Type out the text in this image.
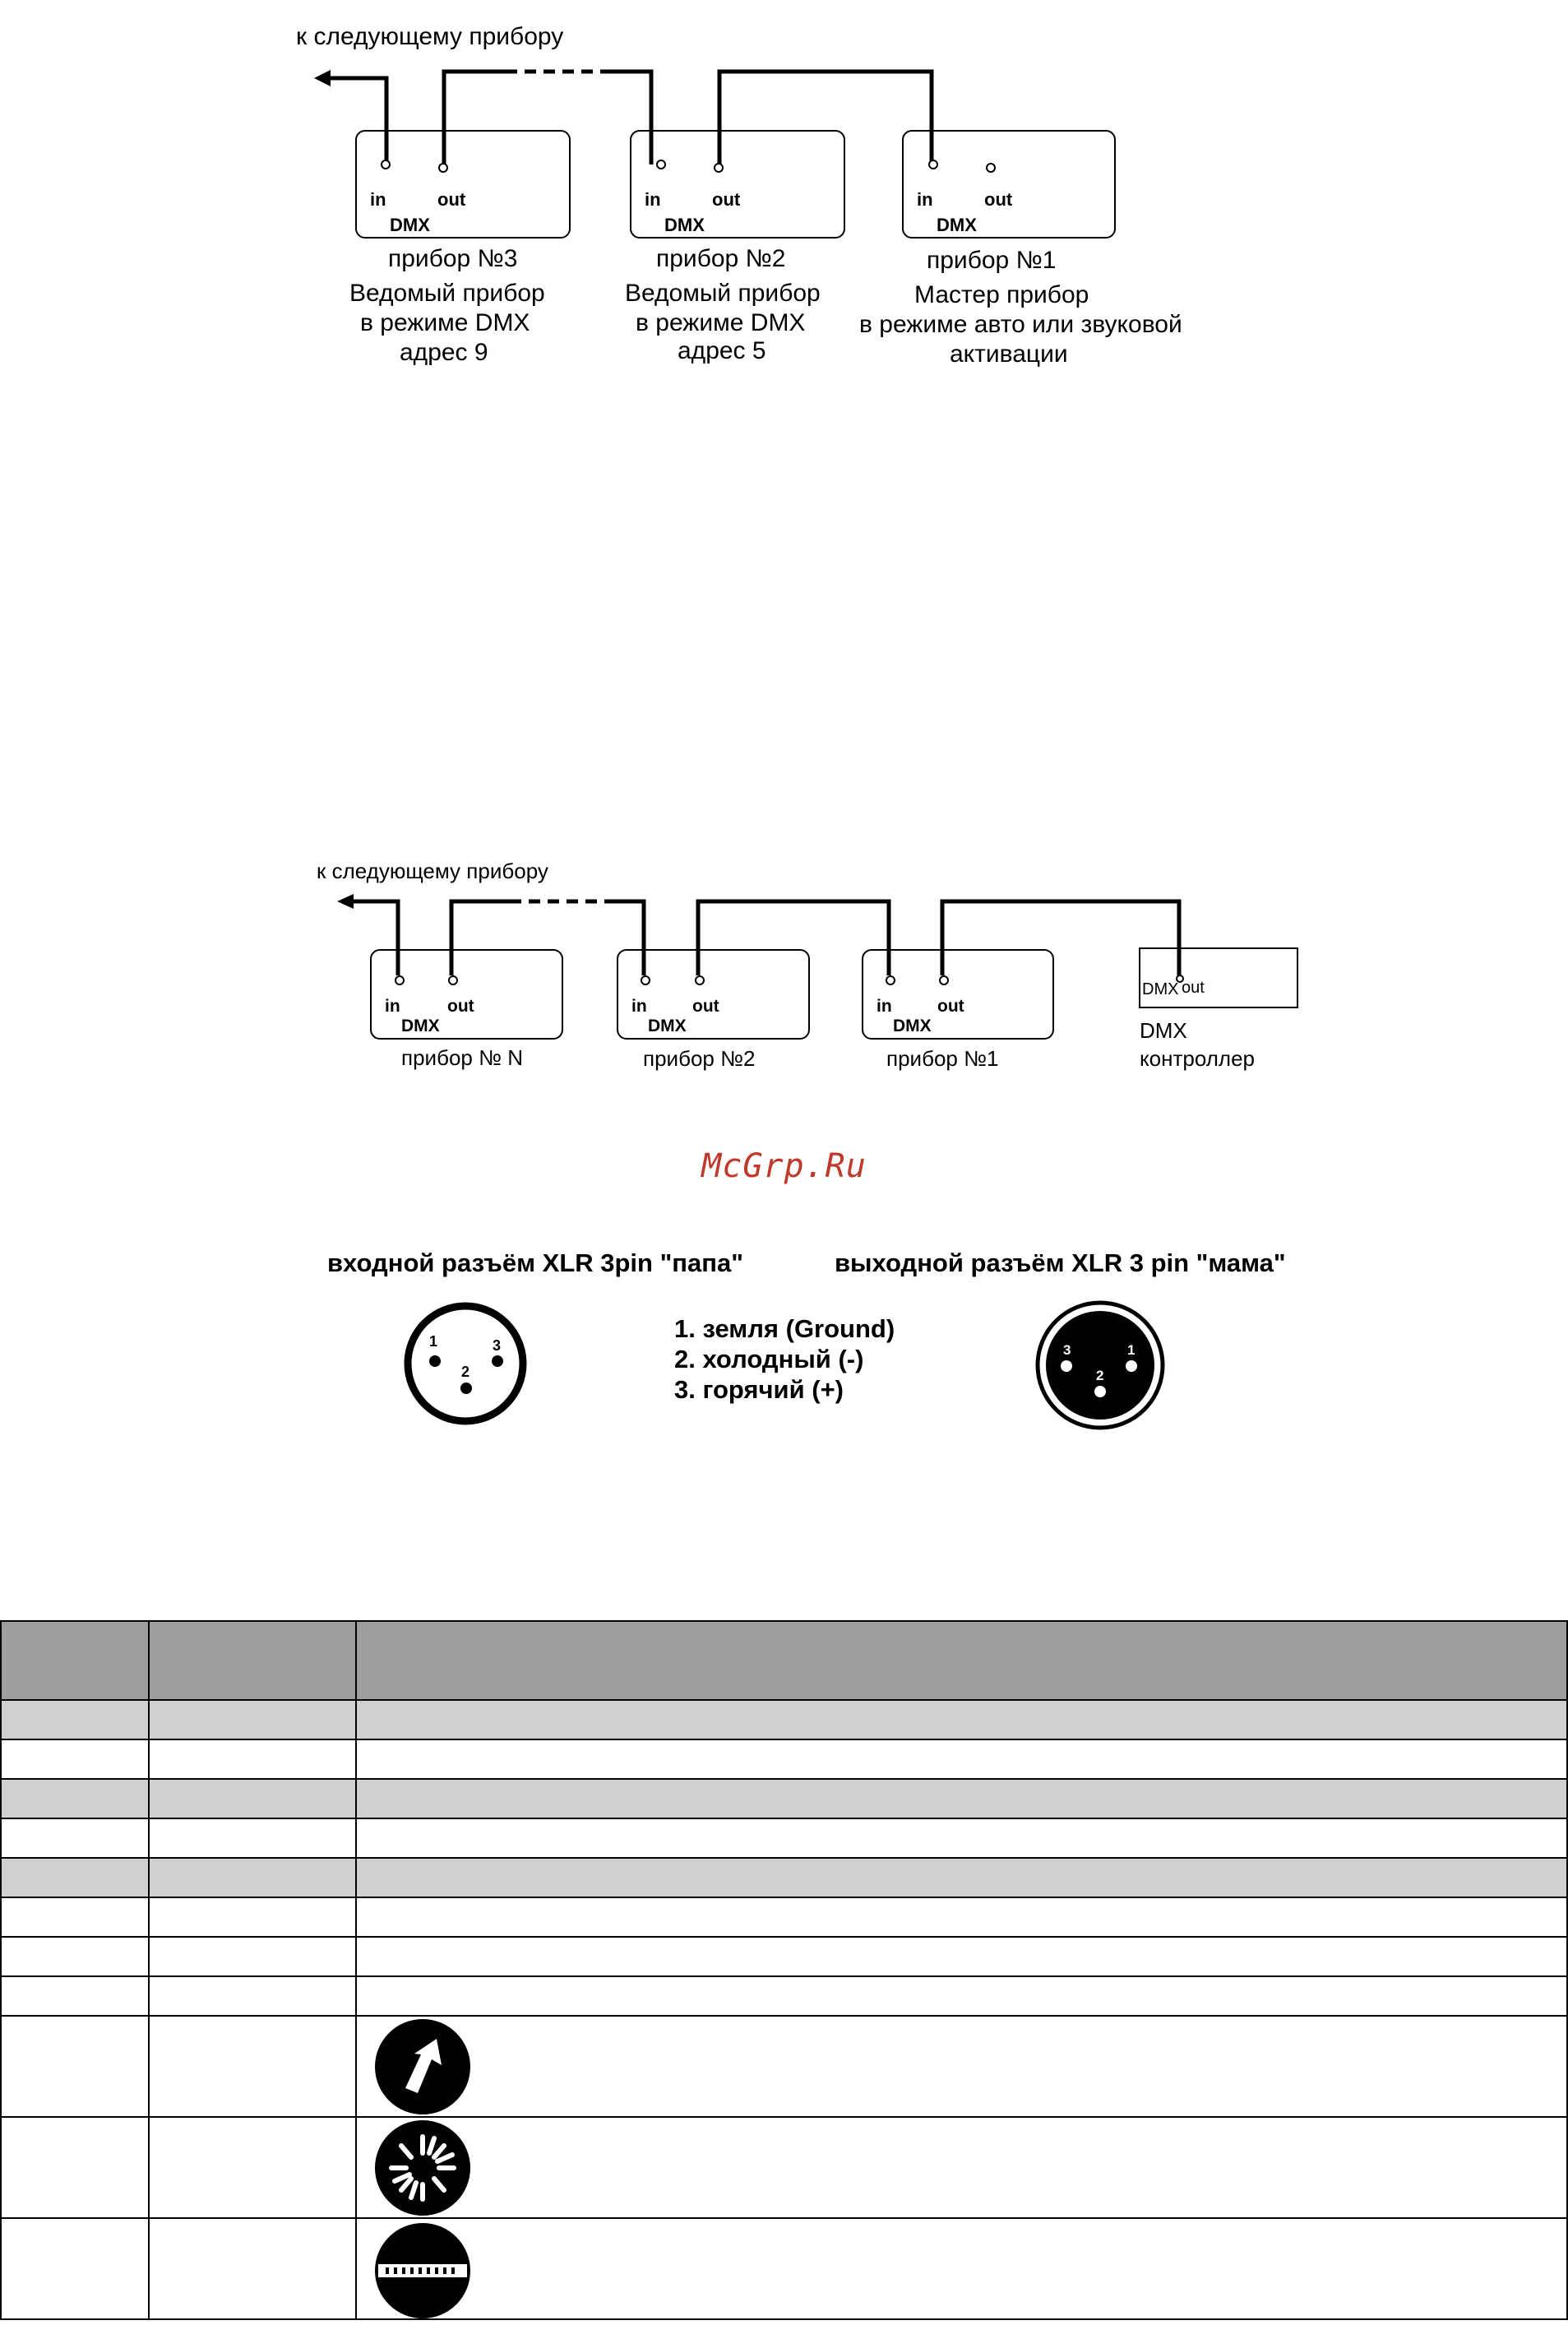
к следующему прибору
in	out
DMX
in	out
DMX
in	out
DMX
прибор №3
Ведомый прибор
в режиме DMX
адрес 9
прибор №2
Ведомый прибор
в режиме DMX
адрес 5
прибор №1
Мастер прибор
в режиме авто или звуковой
активации
к следующему прибору
in	out
DMX
in	out
DMX
in	out
DMX
DMX out
прибор № N	прибор №2	прибор №1
DMX
контроллер
McGrp.Ru
входной разъём XLR 3pin "папа"	выходной разъём XLR 3 pin "мама"
1
2
3
1. земля (Ground)
2. холодный (-)
3. горячий (+)
3
2
1
